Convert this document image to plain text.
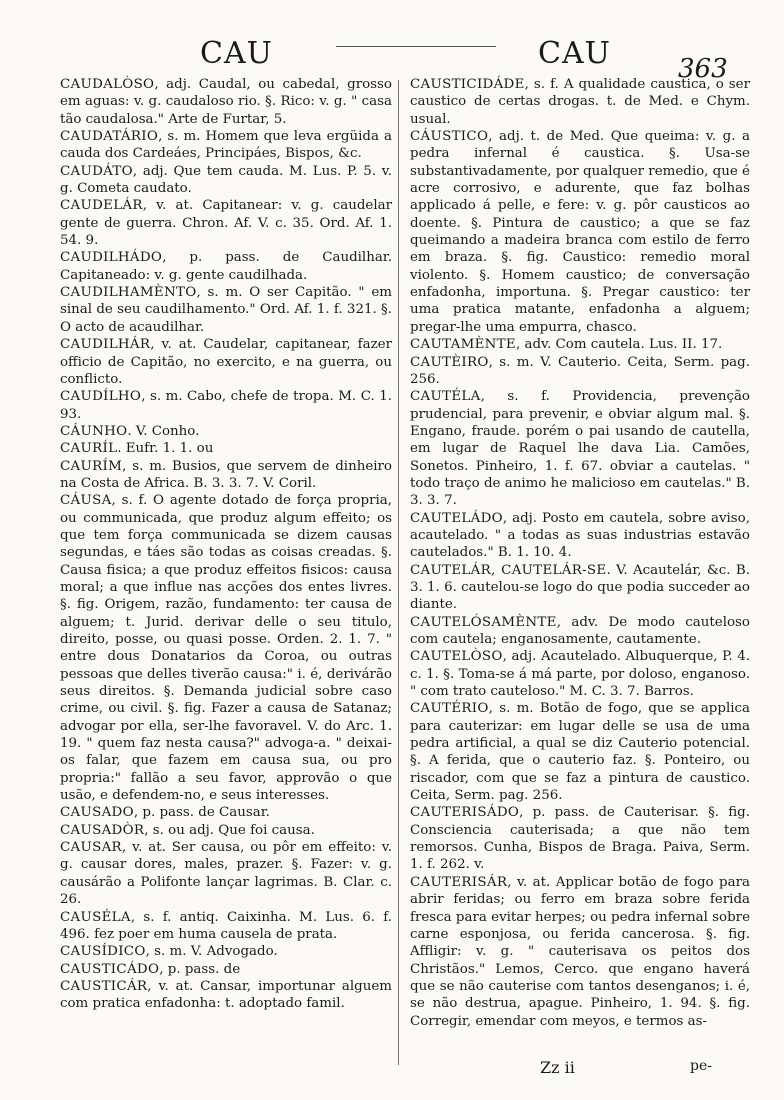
CAU	CAU	363

CAUDALÒSO, adj. Caudal, ou cabedal, grosso em aguas: v. g. caudaloso rio. §. Rico: v. g. " casa tão caudalosa." Arte de Furtar, 5.

CAUDATÁRIO, s. m. Homem que leva ergüida a cauda dos Cardeáes, Principáes, Bispos, &c.

CAUDÁTO, adj. Que tem cauda. M. Lus. P. 5. v. g. Cometa caudato.

CAUDELÁR, v. at. Capitanear: v. g. caudelar gente de guerra. Chron. Af. V. c. 35. Ord. Af. 1. 54. 9.

CAUDILHÁDO, p. pass. de Caudilhar. Capitaneado: v. g. gente caudilhada.

CAUDILHAMÈNTO, s. m. O ser Capitão. " em sinal de seu caudilhamento." Ord. Af. 1. f. 321. §. O acto de acaudilhar.

CAUDILHÁR, v. at. Caudelar, capitanear, fazer officio de Capitão, no exercito, e na guerra, ou conflicto.

CAUDÍLHO, s. m. Cabo, chefe de tropa. M. C. 1. 93.

CÁUNHO. V. Conho.

CAURÍL. Eufr. 1. 1. ou

CAURÍM, s. m. Busios, que servem de dinheiro na Costa de Africa. B. 3. 3. 7. V. Coril.

CÁUSA, s. f. O agente dotado de força propria, ou communicada, que produz algum effeito; os que tem força communicada se dizem causas segundas, e táes são todas as coisas creadas. §. Causa fisica; a que produz effeitos fisicos: causa moral; a que influe nas acções dos entes livres. §. fig. Origem, razão, fundamento: ter causa de alguem; t. Jurid. derivar delle o seu titulo, direito, posse, ou quasi posse. Orden. 2. 1. 7. " entre dous Donatarios da Coroa, ou outras pessoas que delles tiverão causa:" i. é, derivárão seus direitos. §. Demanda judicial sobre caso crime, ou civil. §. fig. Fazer a causa de Satanaz; advogar por ella, ser-lhe favoravel. V. do Arc. 1. 19. " quem faz nesta causa?" advoga-a. " deixai-os falar, que fazem em causa sua, ou pro propria:" fallão a seu favor, approvão o que usão, e defendem-no, e seus interesses.

CAUSADO, p. pass. de Causar.

CAUSADÒR, s. ou adj. Que foi causa.

CAUSAR, v. at. Ser causa, ou pôr em effeito: v. g. causar dores, males, prazer. §. Fazer: v. g. causárão a Polifonte lançar lagrimas. B. Clar. c. 26.

CAUSÉLA, s. f. antiq. Caixinha. M. Lus. 6. f. 496. fez poer em huma causela de prata.

CAUSÍDICO, s. m. V. Advogado.

CAUSTICÁDO, p. pass. de

CAUSTICÁR, v. at. Cansar, importunar alguem com pratica enfadonha: t. adoptado famil.

CAUSTICIDÁDE, s. f. A qualidade caustica, o ser caustico de certas drogas. t. de Med. e Chym. usual.

CÁUSTICO, adj. t. de Med. Que queima: v. g. a pedra infernal é caustica. §. Usa-se substantivadamente, por qualquer remedio, que é acre corrosivo, e adurente, que faz bolhas applicado á pelle, e fere: v. g. pôr causticos ao doente. §. Pintura de caustico; a que se faz queimando a madeira branca com estilo de ferro em braza. §. fig. Caustico: remedio moral violento. §. Homem caustico; de conversação enfadonha, importuna. §. Pregar caustico: ter uma pratica matante, enfadonha a alguem; pregar-lhe uma empurra, chasco.

CAUTAMÈNTE, adv. Com cautela. Lus. II. 17.

CAUTÈIRO, s. m. V. Cauterio. Ceita, Serm. pag. 256.

CAUTÉLA, s. f. Providencia, prevenção prudencial, para prevenir, e obviar algum mal. §. Engano, fraude. porém o pai usando de cautella, em lugar de Raquel lhe dava Lia. Camões, Sonetos. Pinheiro, 1. f. 67. obviar a cautelas. " todo traço de animo he malicioso em cautelas." B. 3. 3. 7.

CAUTELÁDO, adj. Posto em cautela, sobre aviso, acautelado. " a todas as suas industrias estavão cautelados." B. 1. 10. 4.

CAUTELÁR, CAUTELÁR-SE. V. Acautelár, &c. B. 3. 1. 6. cautelou-se logo do que podia succeder ao diante.

CAUTELÓSAMÈNTE, adv. De modo cauteloso com cautela; enganosamente, cautamente.

CAUTELÒSO, adj. Acautelado. Albuquerque, P. 4. c. 1. §. Toma-se á má parte, por doloso, enganoso. " com trato cauteloso." M. C. 3. 7. Barros.

CAUTÉRIO, s. m. Botão de fogo, que se applica para cauterizar: em lugar delle se usa de uma pedra artificial, a qual se diz Cauterio potencial. §. A ferida, que o cauterio faz. §. Ponteiro, ou riscador, com que se faz a pintura de caustico. Ceita, Serm. pag. 256.

CAUTERISÁDO, p. pass. de Cauterisar. §. fig. Consciencia cauterisada; a que não tem remorsos. Cunha, Bispos de Braga. Paiva, Serm. 1. f. 262. v.

CAUTERISÁR, v. at. Applicar botão de fogo para abrir feridas; ou ferro em braza sobre ferida fresca para evitar herpes; ou pedra infernal sobre carne esponjosa, ou ferida cancerosa. §. fig. Affligir: v. g. " cauterisava os peitos dos Christãos." Lemos, Cerco. que engano haverá que se não cauterise com tantos desenganos; i. é, se não destrua, apague. Pinheiro, 1. 94. §. fig. Corregir, emendar com meyos, e termos as-

Zz ii	pe-
